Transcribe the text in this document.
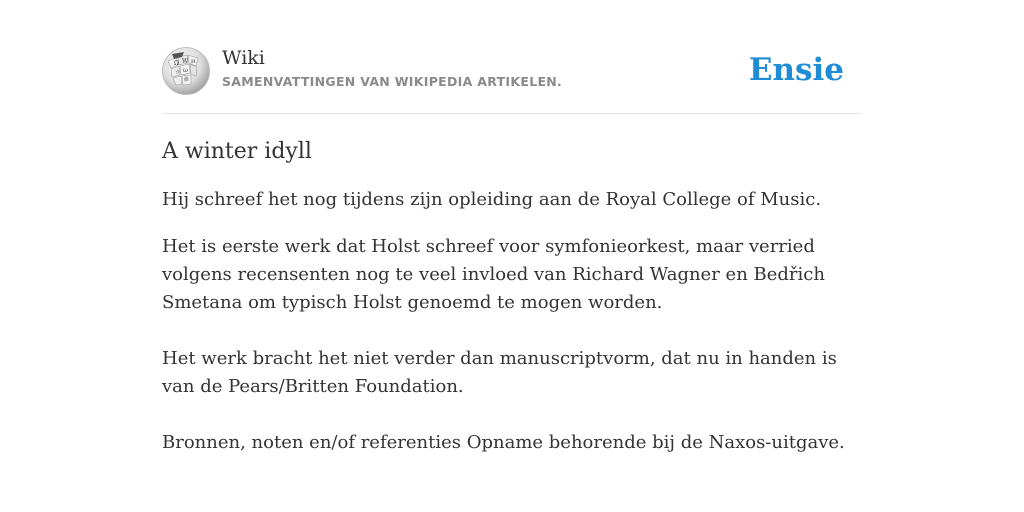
Ω W И
ω
ウ
維

Wiki

SAMENVATTINGEN VAN WIKIPEDIA ARTIKELEN.	Ensie
A winter idyll

Hij schreef het nog tijdens zijn opleiding aan de Royal College of Music.

Het is eerste werk dat Holst schreef voor symfonieorkest, maar verried volgens recensenten nog te veel invloed van Richard Wagner en Bedřich Smetana om typisch Holst genoemd te mogen worden.

Het werk bracht het niet verder dan manuscriptvorm, dat nu in handen is van de Pears/Britten Foundation.

Bronnen, noten en/of referenties Opname behorende bij de Naxos-uitgave.
